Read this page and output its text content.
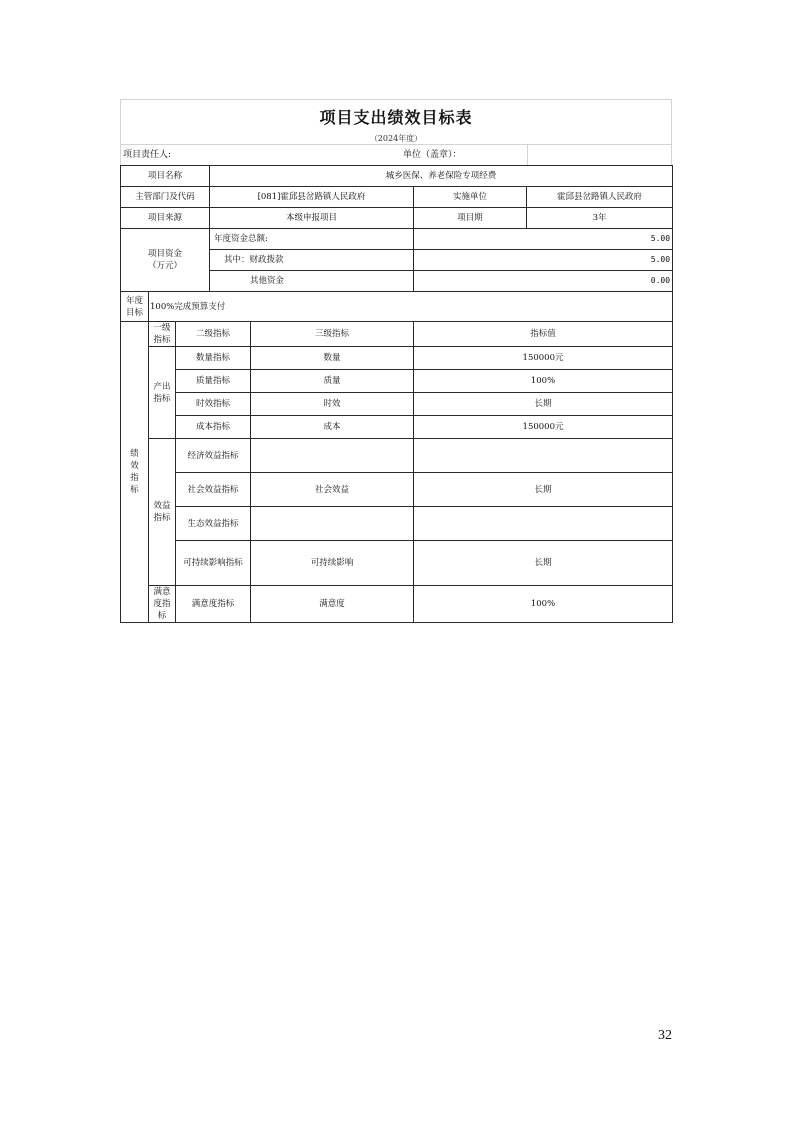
项目支出绩效目标表
（2024年度）
项目责任人:	单位（盖章）：
项目名称			城乡医保、养老保险专项经费			
主管部门及代码			[081]霍邱县岔路镇人民政府		实施单位	霍邱县岔路镇人民政府
项目来源			本级申报项目		项目期	3年

项目资金
（万元）			年度资金总额:		5.00	
			其中：财政拨款		5.00	
			其他资金		0.00	
年度目标	100%完成预算支付					
绩效指标	一级指标	二级指标		三级指标	指标值	
	产出指标	数量指标		数量	150000元	
		质量指标		质量	100%	
		时效指标		时效	长期	
		成本指标		成本	150000元	
	效益指标	经济效益指标				
		社会效益指标		社会效益	长期	
		生态效益指标				
		可持续影响指标		可持续影响	长期	
	满意度指标	满意度指标		满意度	100%	
32
